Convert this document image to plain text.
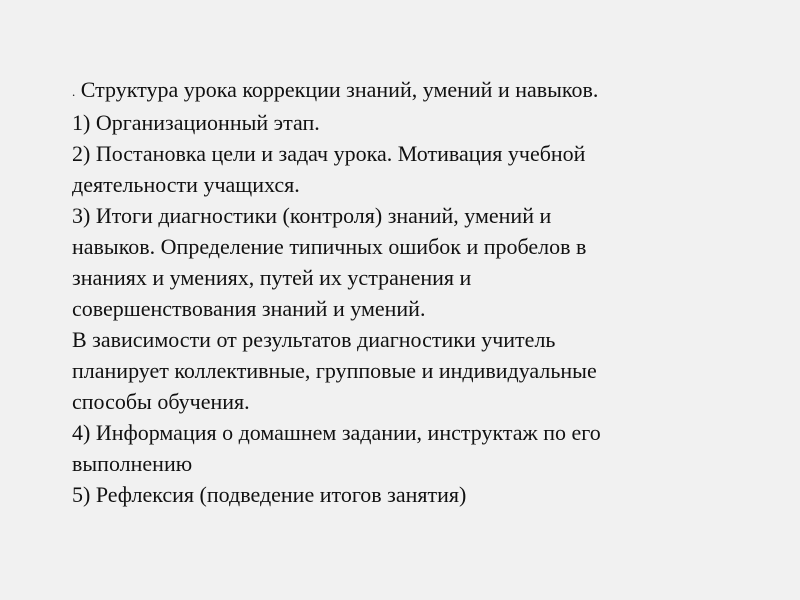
. Структура урока коррекции знаний, умений и навыков.
1) Организационный этап.
2) Постановка цели и задач урока. Мотивация учебной
деятельности учащихся.
3) Итоги диагностики (контроля) знаний, умений и
навыков. Определение типичных ошибок и пробелов в
знаниях и умениях, путей их устранения и
совершенствования знаний и умений.
В зависимости от результатов диагностики учитель
планирует коллективные, групповые и индивидуальные
способы обучения.
4) Информация о домашнем задании, инструктаж по его
выполнению
5) Рефлексия (подведение итогов занятия)
